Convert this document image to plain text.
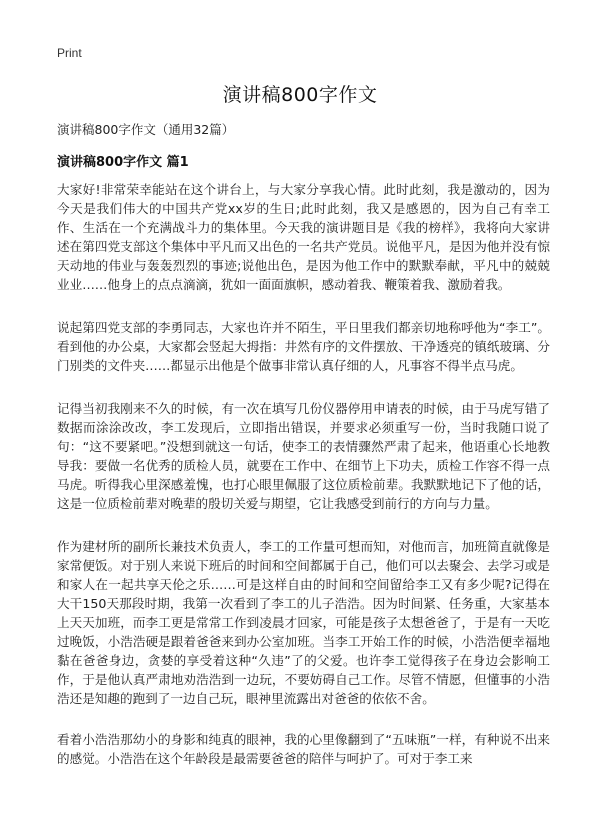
Print
演讲稿800字作文
演讲稿800字作文（通用32篇）
演讲稿800字作文 篇1

大家好!非常荣幸能站在这个讲台上，与大家分享我心情。此时此刻，我是激动的，因为今天是我们伟大的中国共产党xx岁的生日;此时此刻，我又是感恩的，因为自己有幸工作、生活在一个充满战斗力的集体里。今天我的演讲题目是《我的榜样》，我将向大家讲述在第四党支部这个集体中平凡而又出色的一名共产党员。说他平凡，是因为他并没有惊天动地的伟业与轰轰烈烈的事迹;说他出色，是因为他工作中的默默奉献，平凡中的兢兢业业……他身上的点点滴滴，犹如一面面旗帜，感动着我、鞭策着我、激励着我。

说起第四党支部的李勇同志，大家也许并不陌生，平日里我们都亲切地称呼他为“李工”。看到他的办公桌，大家都会竖起大拇指：井然有序的文件摆放、干净透亮的镇纸玻璃、分门别类的文件夹……都显示出他是个做事非常认真仔细的人，凡事容不得半点马虎。

记得当初我刚来不久的时候，有一次在填写几份仪器停用申请表的时候，由于马虎写错了数据而涂涂改改，李工发现后，立即指出错误，并要求必须重写一份，当时我随口说了句：“这不要紧吧。”没想到就这一句话，使李工的表情骤然严肃了起来，他语重心长地教导我：要做一名优秀的质检人员，就要在工作中、在细节上下功夫，质检工作容不得一点马虎。听得我心里深感羞愧，也打心眼里佩服了这位质检前辈。我默默地记下了他的话，这是一位质检前辈对晚辈的殷切关爱与期望，它让我感受到前行的方向与力量。

作为建材所的副所长兼技术负责人，李工的工作量可想而知，对他而言，加班简直就像是家常便饭。对于别人来说下班后的时间和空间都属于自己，他们可以去聚会、去学习或是和家人在一起共享天伦之乐……可是这样自由的时间和空间留给李工又有多少呢?记得在大干150天那段时期，我第一次看到了李工的儿子浩浩。因为时间紧、任务重，大家基本上天天加班，而李工更是常常工作到凌晨才回家，可能是孩子太想爸爸了，于是有一天吃过晚饭，小浩浩硬是跟着爸爸来到办公室加班。当李工开始工作的时候，小浩浩便幸福地黏在爸爸身边，贪婪的享受着这种“久违”了的父爱。也许李工觉得孩子在身边会影响工作，于是他认真严肃地劝浩浩到一边玩，不要妨碍自己工作。尽管不情愿，但懂事的小浩浩还是知趣的跑到了一边自己玩，眼神里流露出对爸爸的依依不舍。

看着小浩浩那幼小的身影和纯真的眼神，我的心里像翻到了“五味瓶”一样，有种说不出来的感觉。小浩浩在这个年龄段是最需要爸爸的陪伴与呵护了。可对于李工来
